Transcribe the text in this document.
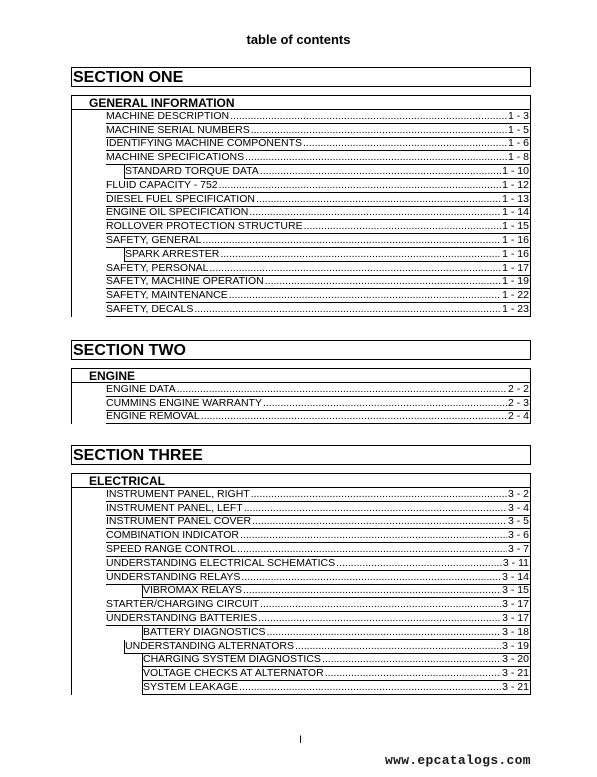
table of contents
SECTION ONE
GENERAL INFORMATION
MACHINE DESCRIPTION .....	1 - 3
MACHINE SERIAL NUMBERS .....	1 - 5
IDENTIFYING MACHINE COMPONENTS .....	1 - 6
MACHINE SPECIFICATIONS .....	1 - 8
STANDARD TORQUE DATA .....	1 - 10
FLUID CAPACITY - 752 .....	1 - 12
DIESEL FUEL SPECIFICATION .....	1 - 13
ENGINE OIL SPECIFICATION .....	1 - 14
ROLLOVER PROTECTION STRUCTURE .....	1 - 15
SAFETY, GENERAL .....	1 - 16
SPARK ARRESTER .....	1 - 16
SAFETY, PERSONAL .....	1 - 17
SAFETY, MACHINE OPERATION .....	1 - 19
SAFETY, MAINTENANCE .....	1 - 22
SAFETY, DECALS .....	1 - 23
SECTION TWO
ENGINE
ENGINE DATA .....	2 - 2
CUMMINS ENGINE WARRANTY .....	2 - 3
ENGINE REMOVAL .....	2 - 4
SECTION THREE
ELECTRICAL
INSTRUMENT PANEL, RIGHT .....	3 - 2
INSTRUMENT PANEL, LEFT .....	3 - 4
INSTRUMENT PANEL COVER .....	3 - 5
COMBINATION INDICATOR .....	3 - 6
SPEED RANGE CONTROL .....	3 - 7
UNDERSTANDING ELECTRICAL SCHEMATICS .....	3 - 11
UNDERSTANDING RELAYS .....	3 - 14
VIBROMAX RELAYS .....	3 - 15
STARTER/CHARGING CIRCUIT .....	3 - 17
UNDERSTANDING BATTERIES .....	3 - 17
BATTERY DIAGNOSTICS .....	3 - 18
UNDERSTANDING ALTERNATORS .....	3 - 19
CHARGING SYSTEM DIAGNOSTICS .....	3 - 20
VOLTAGE CHECKS AT ALTERNATOR .....	3 - 21
SYSTEM LEAKAGE .....	3 - 21
I
www.epcatalogs.com
